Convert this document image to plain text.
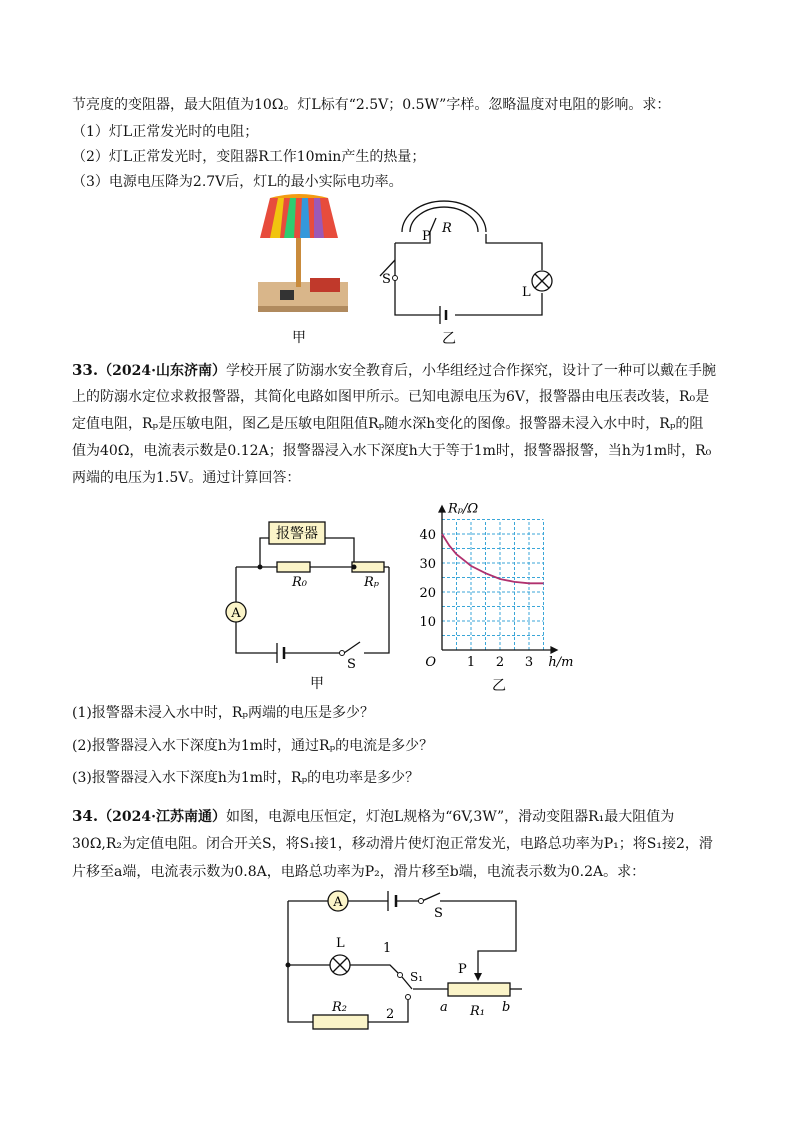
节亮度的变阻器，最大阻值为10Ω。灯L标有“2.5V；0.5W”字样。忽略温度对电阻的影响。求：
（1）灯L正常发光时的电阻；
（2）灯L正常发光时，变阻器R工作10min产生的热量；
（3）电源电压降为2.7V后，灯L的最小实际电功率。
甲
P
R
S
L
乙
33.（2024·山东济南）学校开展了防溺水安全教育后，小华组经过合作探究，设计了一种可以戴在手腕
上的防溺水定位求救报警器，其简化电路如图甲所示。已知电源电压为6V，报警器由电压表改装，R₀是
定值电阻，Rₚ是压敏电阻，图乙是压敏电阻阻值Rₚ随水深h变化的图像。报警器未浸入水中时，Rₚ的阻
值为40Ω，电流表示数是0.12A；报警器浸入水下深度h大于等于1m时，报警器报警，当h为1m时，R₀
两端的电压为1.5V。通过计算回答：
报警器
A
R₀	Rₚ
S
甲
1 2 3
10
20
30
40
O	h/m
Rₚ/Ω
乙
(1)报警器未浸入水中时，Rₚ两端的电压是多少？
(2)报警器浸入水下深度h为1m时，通过Rₚ的电流是多少？
(3)报警器浸入水下深度h为1m时，Rₚ的电功率是多少？
34.（2024·江苏南通）如图，电源电压恒定，灯泡L规格为“6V,3W”，滑动变阻器R₁最大阻值为
30Ω,R₂为定值电阻。闭合开关S，将S₁接1，移动滑片使灯泡正常发光，电路总功率为P₁；将S₁接2，滑
片移至a端，电流表示数为0.8A，电路总功率为P₂，滑片移至b端，电流表示数为0.2A。求：
A
S
L	1
2
S₁	P
a	b
R₁
R₂
